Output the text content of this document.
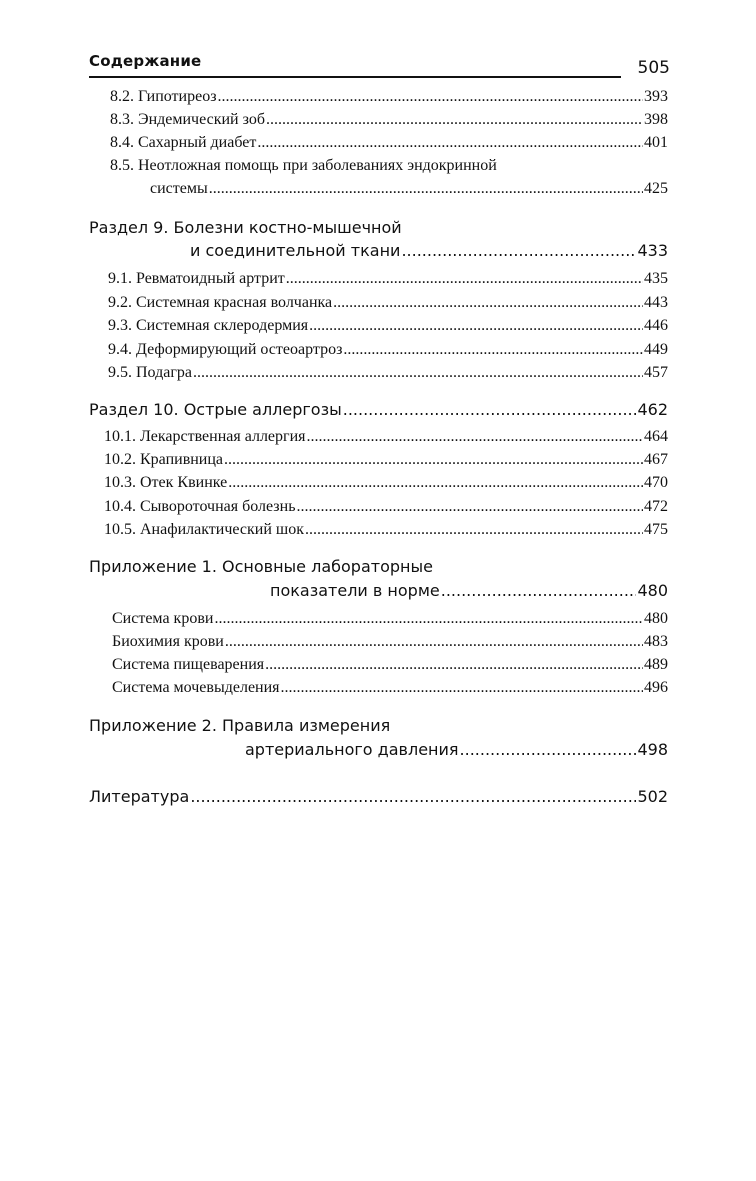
Содержание	505
8.2. Гипотиреоз .....	393
8.3. Эндемический зоб .....	398
8.4. Сахарный диабет .....	401
8.5. Неотложная помощь при заболеваниях эндокринной
системы .....	425
Раздел 9. Болезни костно-мышечной
и соединительной ткани .....	433
9.1. Ревматоидный артрит .....	435
9.2. Системная красная волчанка .....	443
9.3. Системная склеродермия .....	446
9.4. Деформирующий остеоартроз .....	449
9.5. Подагра .....	457
Раздел 10. Острые аллергозы .....	462
10.1. Лекарственная аллергия .....	464
10.2. Крапивница .....	467
10.3. Отек Квинке .....	470
10.4. Сывороточная болезнь .....	472
10.5. Анафилактический шок .....	475
Приложение 1. Основные лабораторные
показатели в норме .....	480
Система крови .....	480
Биохимия крови .....	483
Система пищеварения .....	489
Система мочевыделения .....	496
Приложение 2. Правила измерения
артериального давления .....	498
Литература .....	502
